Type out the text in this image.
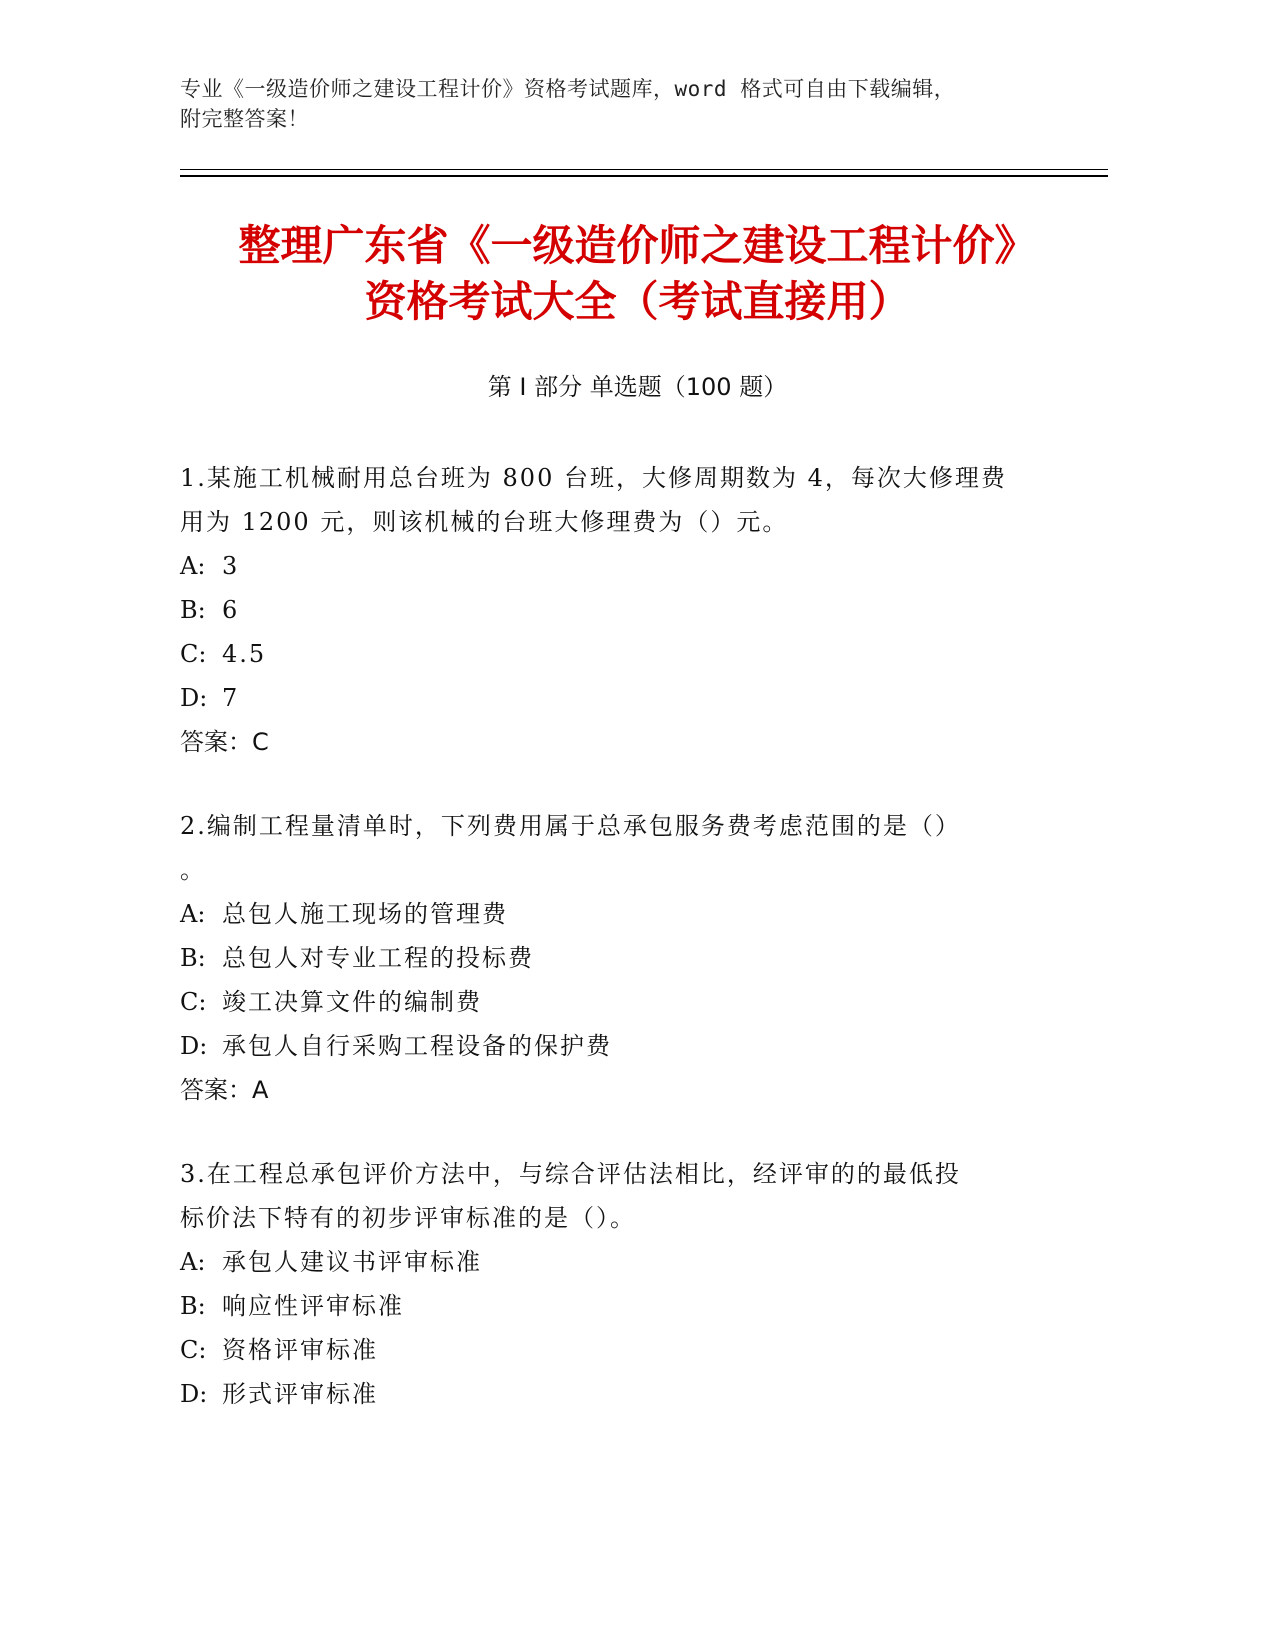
专业《一级造价师之建设工程计价》资格考试题库，word 格式可自由下载编辑，
附完整答案！
整理广东省《一级造价师之建设工程计价》
资格考试大全（考试直接用）
第 I 部分 单选题（100 题）
1.某施工机械耐用总台班为 800 台班，大修周期数为 4，每次大修理费
用为 1200 元，则该机械的台班大修理费为（）元。
A: 3
B: 6
C: 4.5
D: 7
答案：C
2.编制工程量清单时，下列费用属于总承包服务费考虑范围的是（）
。
A: 总包人施工现场的管理费
B: 总包人对专业工程的投标费
C: 竣工决算文件的编制费
D: 承包人自行采购工程设备的保护费
答案：A
3.在工程总承包评价方法中，与综合评估法相比，经评审的的最低投
标价法下特有的初步评审标准的是（）。
A: 承包人建议书评审标准
B: 响应性评审标准
C: 资格评审标准
D: 形式评审标准
